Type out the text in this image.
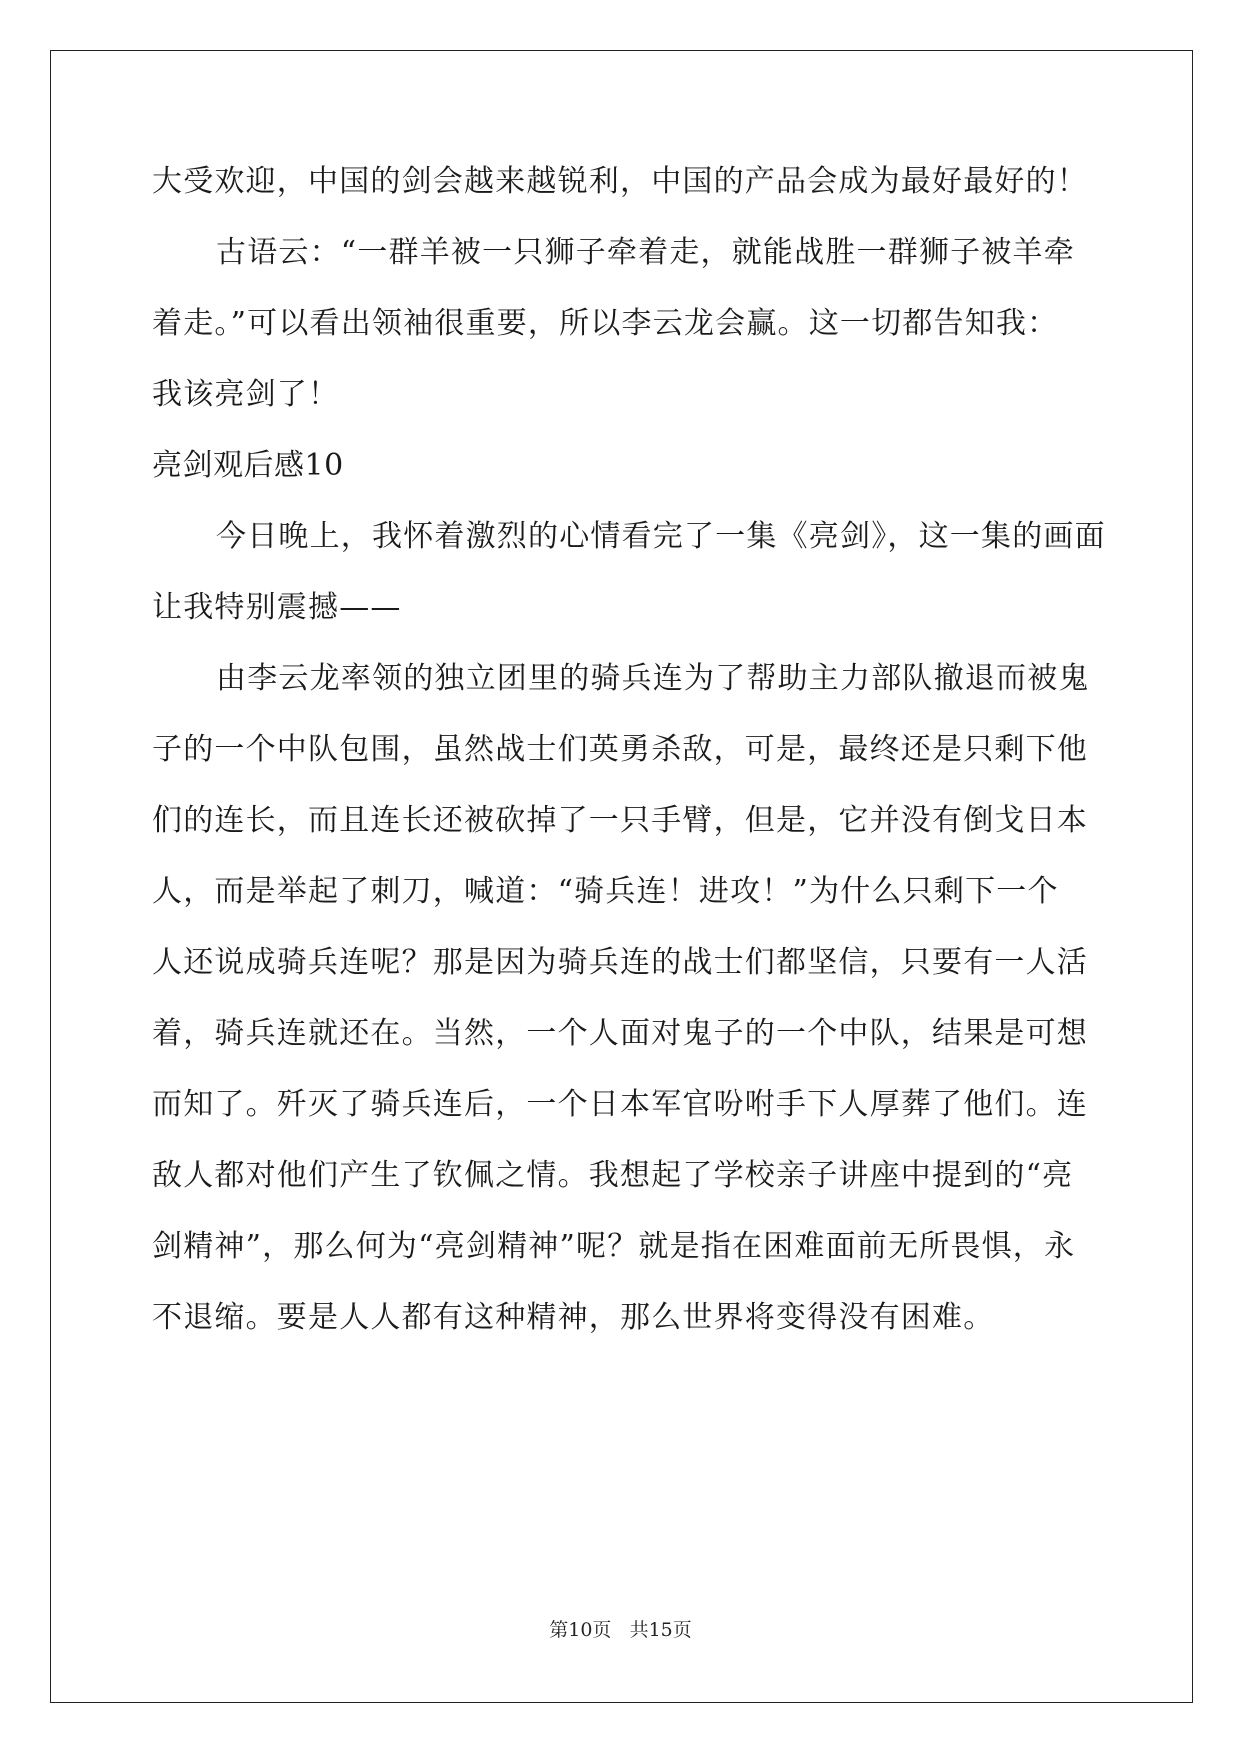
大受欢迎，中国的剑会越来越锐利，中国的产品会成为最好最好的！
古语云：“一群羊被一只狮子牵着走，就能战胜一群狮子被羊牵
着走。”可以看出领袖很重要，所以李云龙会赢。这一切都告知我：
我该亮剑了！
亮剑观后感10
今日晚上，我怀着激烈的心情看完了一集《亮剑》，这一集的画面
让我特别震撼——
由李云龙率领的独立团里的骑兵连为了帮助主力部队撤退而被鬼
子的一个中队包围，虽然战士们英勇杀敌，可是，最终还是只剩下他
们的连长，而且连长还被砍掉了一只手臂，但是，它并没有倒戈日本
人，而是举起了刺刀，喊道：“骑兵连！进攻！”为什么只剩下一个
人还说成骑兵连呢？那是因为骑兵连的战士们都坚信，只要有一人活
着，骑兵连就还在。当然，一个人面对鬼子的一个中队，结果是可想
而知了。歼灭了骑兵连后，一个日本军官吩咐手下人厚葬了他们。连
敌人都对他们产生了钦佩之情。我想起了学校亲子讲座中提到的“亮
剑精神”，那么何为“亮剑精神”呢？就是指在困难面前无所畏惧，永
不退缩。要是人人都有这种精神，那么世界将变得没有困难。
第10页 共15页
